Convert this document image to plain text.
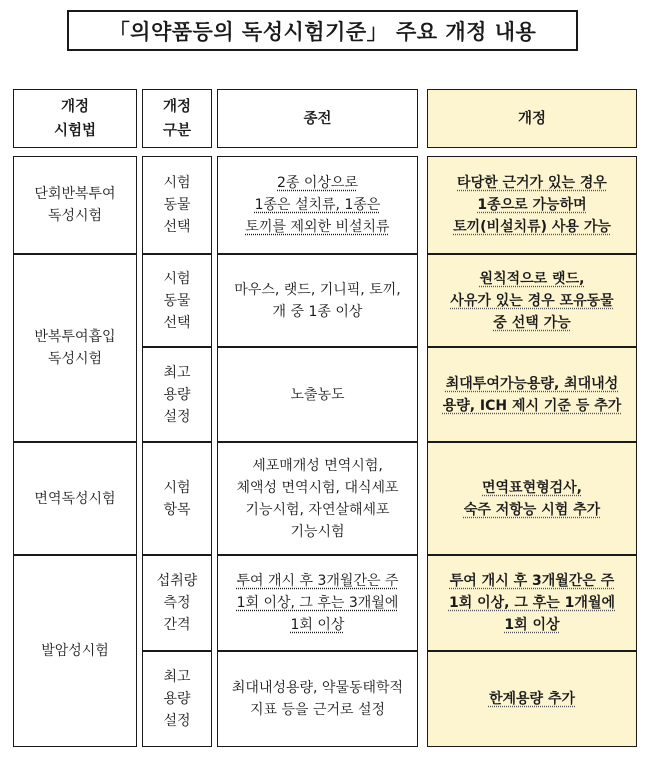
「의약품등의 독성시험기준」 주요 개정 내용
개정
시험법
개정
구분
종전	개정
단회반복투여
독성시험
반복투여흡입
독성시험
면역독성시험
발암성시험
시험
동물
선택
2종 이상으로
1종은 설치류, 1종은
토끼를 제외한 비설치류
타당한 근거가 있는 경우
1종으로 가능하며
토끼(비설치류) 사용 가능
시험
동물
선택
마우스, 랫드, 기니픽, 토끼,
개 중 1종 이상
원칙적으로 랫드,
사유가 있는 경우 포유동물
중 선택 가능
최고
용량
설정
노출농도
최대투여가능용량, 최대내성
용량, ICH 제시 기준 등 추가
시험
항목
세포매개성 면역시험,
체액성 면역시험, 대식세포
기능시험, 자연살해세포
기능시험
면역표현형검사,
숙주 저항능 시험 추가
섭취량
측정
간격
투여 개시 후 3개월간은 주
1회 이상, 그 후는 3개월에
1회 이상
투여 개시 후 3개월간은 주
1회 이상, 그 후는 1개월에
1회 이상
최고
용량
설정
최대내성용량, 약물동태학적
지표 등을 근거로 설정
한계용량 추가
